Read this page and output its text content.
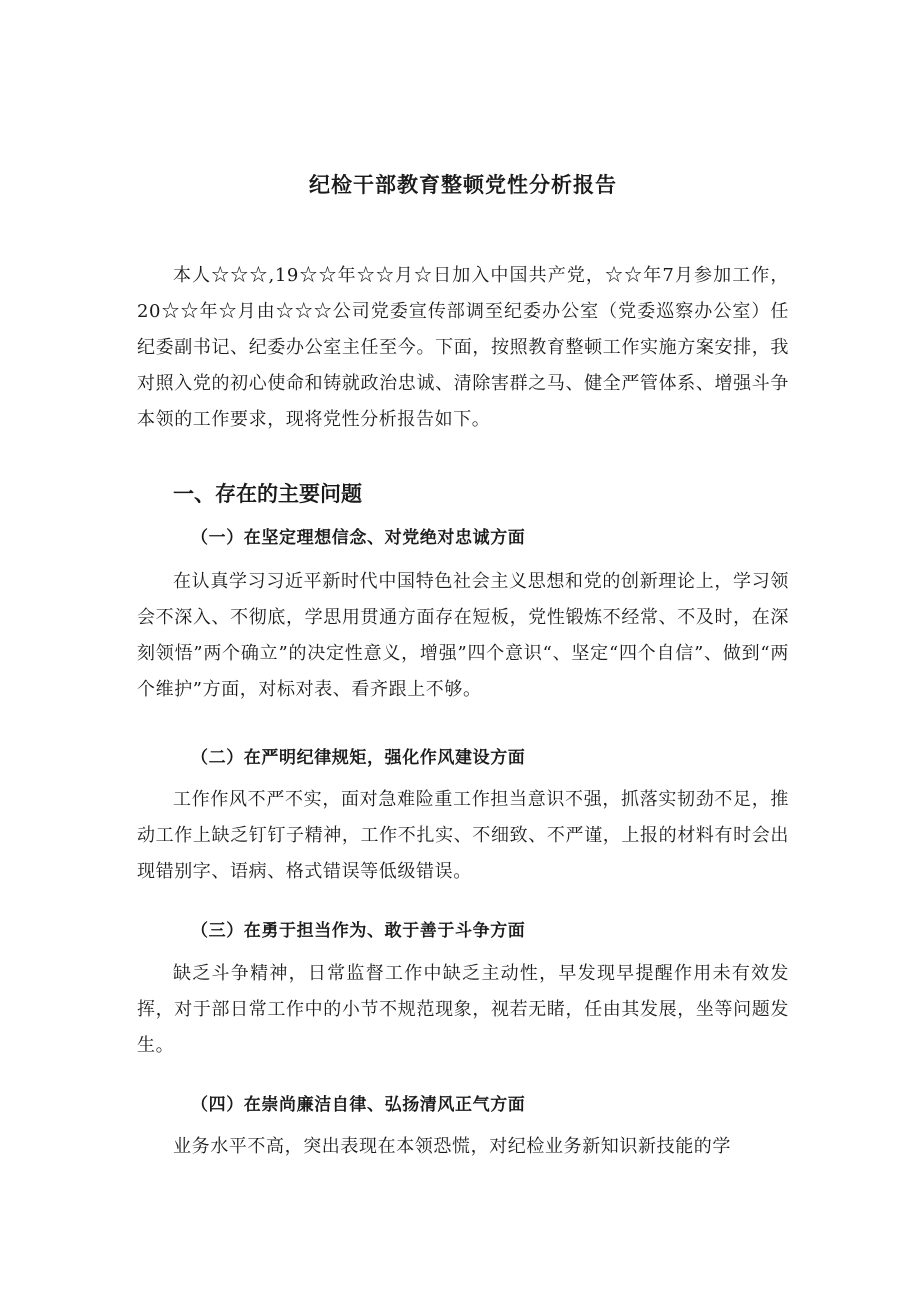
纪检干部教育整顿党性分析报告

本人☆☆☆,19☆☆年☆☆月☆日加入中国共产党，☆☆年7月参加工作，20☆☆年☆月由☆☆☆公司党委宣传部调至纪委办公室（党委巡察办公室）任纪委副书记、纪委办公室主任至今。下面，按照教育整顿工作实施方案安排，我对照入党的初心使命和铸就政治忠诚、清除害群之马、健全严管体系、增强斗争本领的工作要求，现将党性分析报告如下。

一、存在的主要问题
（一）在坚定理想信念、对党绝对忠诚方面

在认真学习习近平新时代中国特色社会主义思想和党的创新理论上，学习领会不深入、不彻底，学思用贯通方面存在短板，党性锻炼不经常、不及时，在深刻领悟”两个确立”的决定性意义，增强”四个意识“、坚定“四个自信”、做到“两个维护”方面，对标对表、看齐跟上不够。

（二）在严明纪律规矩，强化作风建设方面

工作作风不严不实，面对急难险重工作担当意识不强，抓落实韧劲不足，推动工作上缺乏钉钉子精神，工作不扎实、不细致、不严谨，上报的材料有时会出现错别字、语病、格式错误等低级错误。

（三）在勇于担当作为、敢于善于斗争方面

缺乏斗争精神，日常监督工作中缺乏主动性，早发现早提醒作用未有效发挥，对于部日常工作中的小节不规范现象，视若无睹，任由其发展，坐等问题发生。

（四）在崇尚廉洁自律、弘扬清风正气方面

业务水平不高，突出表现在本领恐慌，对纪检业务新知识新技能的学
